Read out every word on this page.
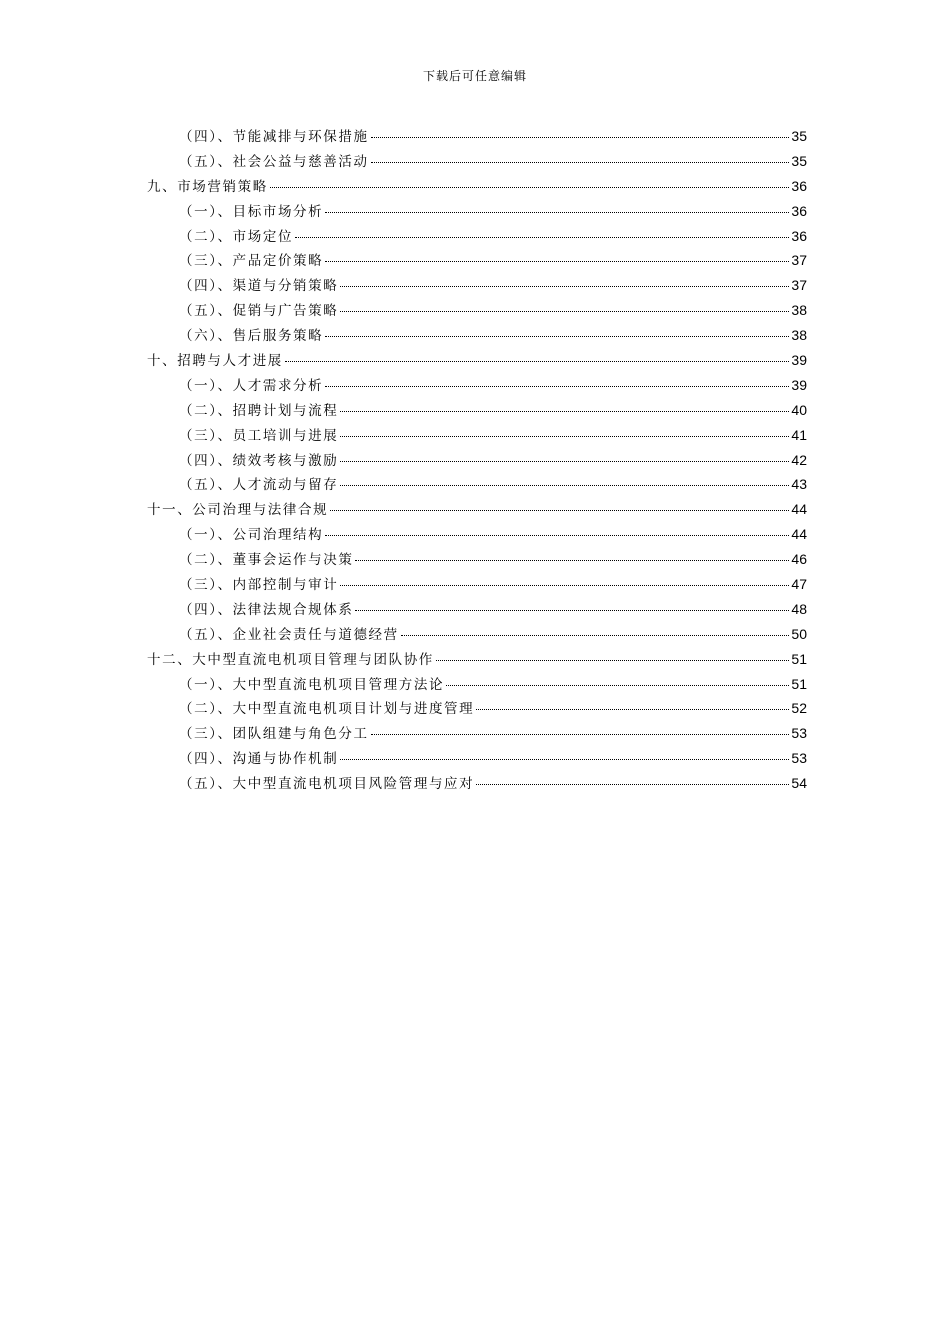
下载后可任意编辑
（四）、节能减排与环保措施	35
（五）、社会公益与慈善活动	35
九、市场营销策略	36
（一）、目标市场分析	36
（二）、市场定位	36
（三）、产品定价策略	37
（四）、渠道与分销策略	37
（五）、促销与广告策略	38
（六）、售后服务策略	38
十、招聘与人才进展	39
（一）、人才需求分析	39
（二）、招聘计划与流程	40
（三）、员工培训与进展	41
（四）、绩效考核与激励	42
（五）、人才流动与留存	43
十一、公司治理与法律合规	44
（一）、公司治理结构	44
（二）、董事会运作与决策	46
（三）、内部控制与审计	47
（四）、法律法规合规体系	48
（五）、企业社会责任与道德经营	50
十二、大中型直流电机项目管理与团队协作	51
（一）、大中型直流电机项目管理方法论	51
（二）、大中型直流电机项目计划与进度管理	52
（三）、团队组建与角色分工	53
（四）、沟通与协作机制	53
（五）、大中型直流电机项目风险管理与应对	54
